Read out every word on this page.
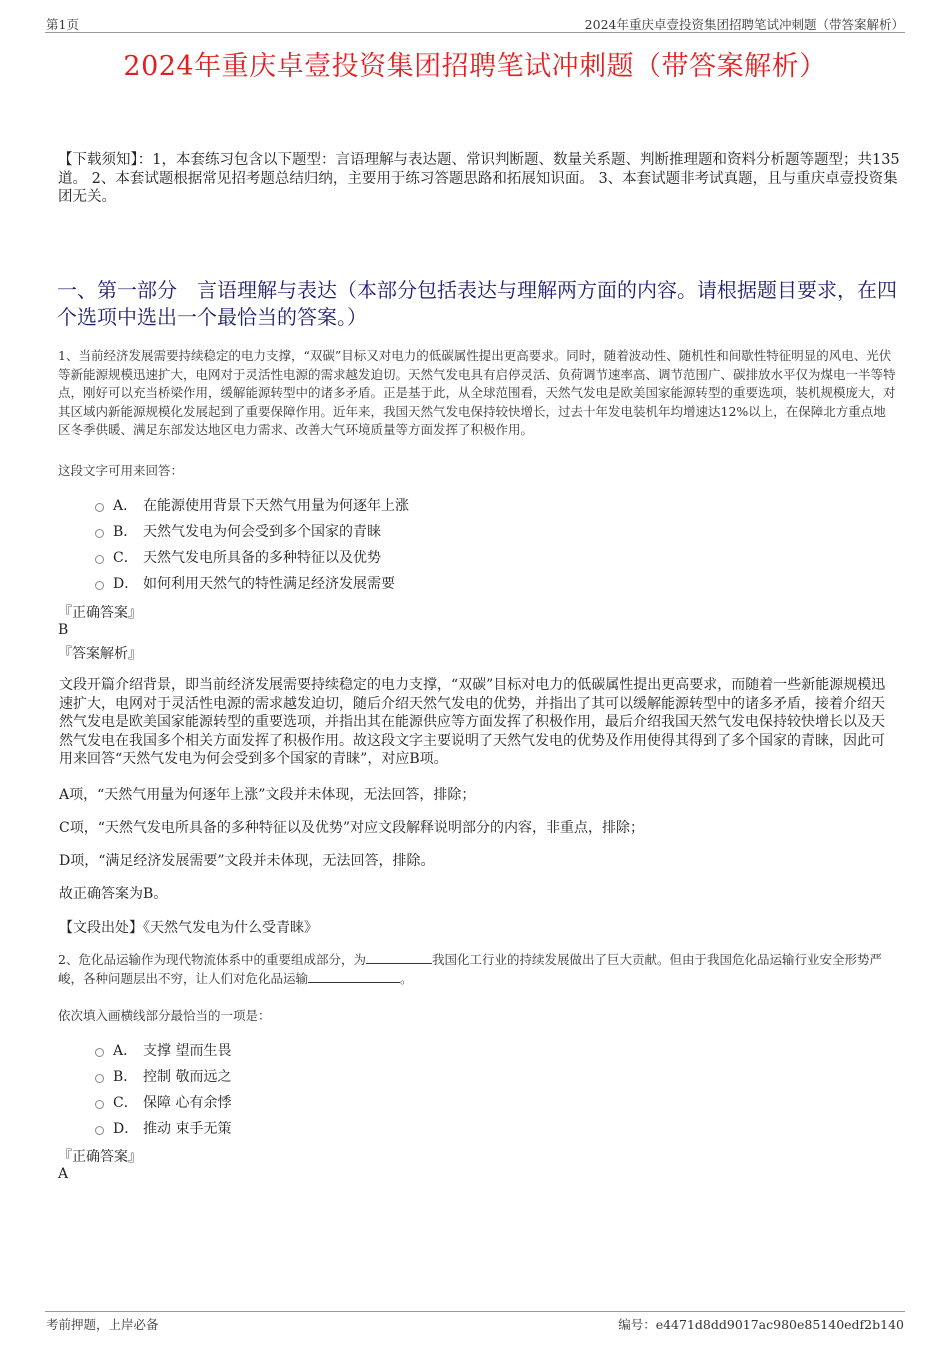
第1页	2024年重庆卓壹投资集团招聘笔试冲刺题（带答案解析）
2024年重庆卓壹投资集团招聘笔试冲刺题（带答案解析）
【下载须知】：1，本套练习包含以下题型：言语理解与表达题、常识判断题、数量关系题、判断推理题和资料分析题等题型；共135道。 2、本套试题根据常见招考题总结归纳，主要用于练习答题思路和拓展知识面。 3、本套试题非考试真题，且与重庆卓壹投资集团无关。
一、第一部分　言语理解与表达（本部分包括表达与理解两方面的内容。请根据题目要求，在四个选项中选出一个最恰当的答案。）
1、当前经济发展需要持续稳定的电力支撑，“双碳”目标又对电力的低碳属性提出更高要求。同时，随着波动性、随机性和间歇性特征明显的风电、光伏等新能源规模迅速扩大，电网对于灵活性电源的需求越发迫切。天然气发电具有启停灵活、负荷调节速率高、调节范围广、碳排放水平仅为煤电一半等特点，刚好可以充当桥梁作用，缓解能源转型中的诸多矛盾。正是基于此，从全球范围看，天然气发电是欧美国家能源转型的重要选项，装机规模庞大，对其区域内新能源规模化发展起到了重要保障作用。近年来，我国天然气发电保持较快增长，过去十年发电装机年均增速达12%以上，在保障北方重点地区冬季供暖、满足东部发达地区电力需求、改善大气环境质量等方面发挥了积极作用。
这段文字可用来回答：
A． 在能源使用背景下天然气用量为何逐年上涨
B． 天然气发电为何会受到多个国家的青睐
C． 天然气发电所具备的多种特征以及优势
D． 如何利用天然气的特性满足经济发展需要
『正确答案』
B
『答案解析』
文段开篇介绍背景，即当前经济发展需要持续稳定的电力支撑，“双碳”目标对电力的低碳属性提出更高要求，而随着一些新能源规模迅速扩大，电网对于灵活性电源的需求越发迫切，随后介绍天然气发电的优势，并指出了其可以缓解能源转型中的诸多矛盾，接着介绍天然气发电是欧美国家能源转型的重要选项，并指出其在能源供应等方面发挥了积极作用，最后介绍我国天然气发电保持较快增长以及天然气发电在我国多个相关方面发挥了积极作用。故这段文字主要说明了天然气发电的优势及作用使得其得到了多个国家的青睐，因此可用来回答“天然气发电为何会受到多个国家的青睐”，对应B项。
A项，“天然气用量为何逐年上涨”文段并未体现，无法回答，排除；
C项，“天然气发电所具备的多种特征以及优势”对应文段解释说明部分的内容，非重点，排除；
D项，“满足经济发展需要”文段并未体现，无法回答，排除。
故正确答案为B。
【文段出处】《天然气发电为什么受青睐》
2、危化品运输作为现代物流体系中的重要组成部分，为	我国化工行业的持续发展做出了巨大贡献。但由于我国危化品运输行业安全形势严峻，各种问题层出不穷，让人们对危化品运输	。
依次填入画横线部分最恰当的一项是：
A． 支撑 望而生畏
B． 控制 敬而远之
C． 保障 心有余悸
D． 推动 束手无策
『正确答案』
A
考前押题，上岸必备	编号：e4471d8dd9017ac980e85140edf2b140
